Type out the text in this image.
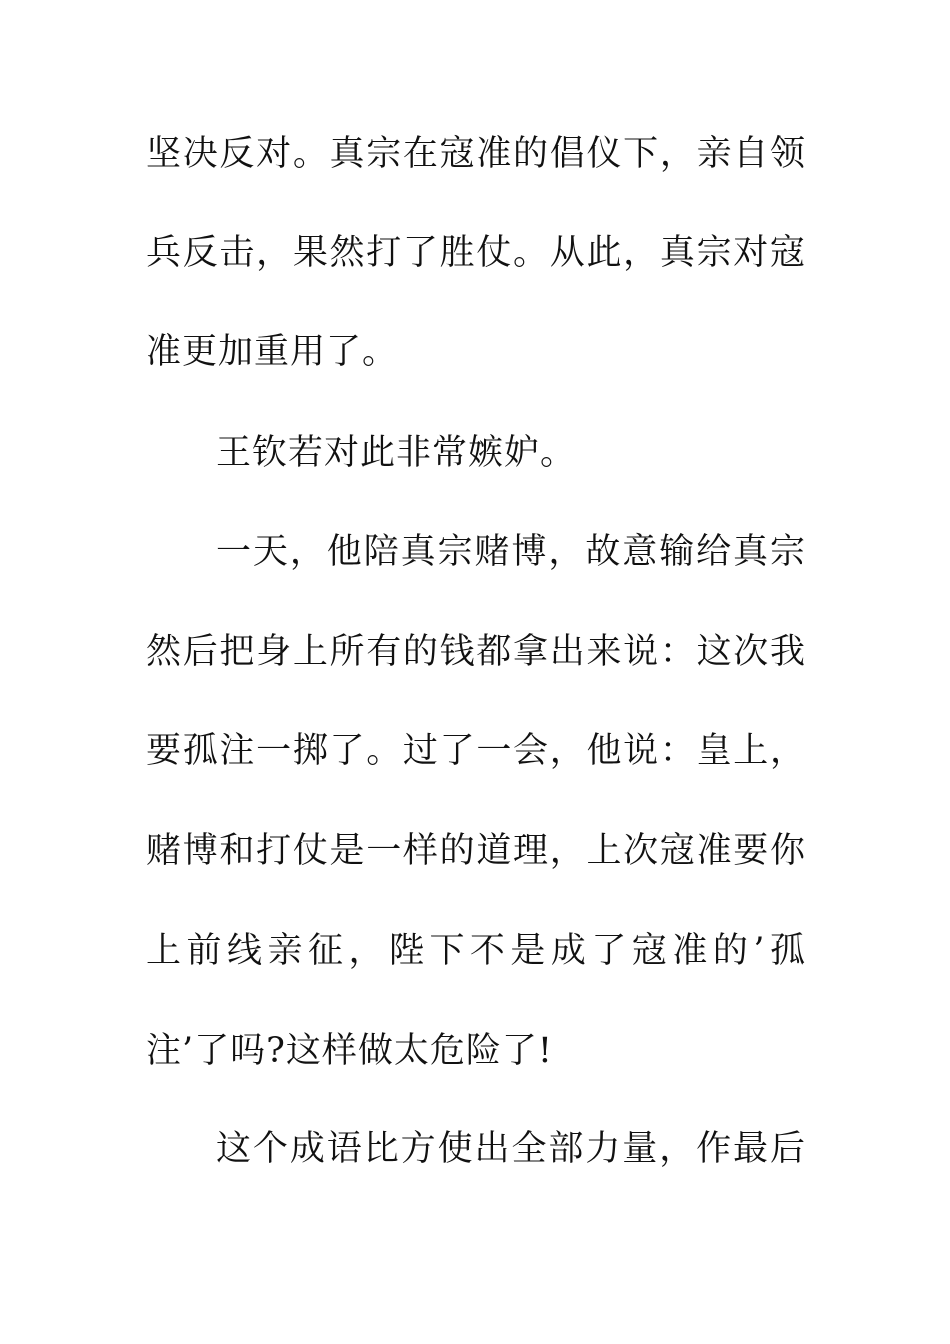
坚决反对。真宗在寇准的倡仪下，亲自领

兵反击，果然打了胜仗。从此，真宗对寇

准更加重用了。

王钦若对此非常嫉妒。

一天，他陪真宗赌博，故意输给真宗

然后把身上所有的钱都拿出来说：这次我

要孤注一掷了。过了一会，他说：皇上，

赌博和打仗是一样的道理，上次寇准要你

上前线亲征，陛下不是成了寇准的’孤

注’了吗?这样做太危险了!

这个成语比方使出全部力量，作最后
